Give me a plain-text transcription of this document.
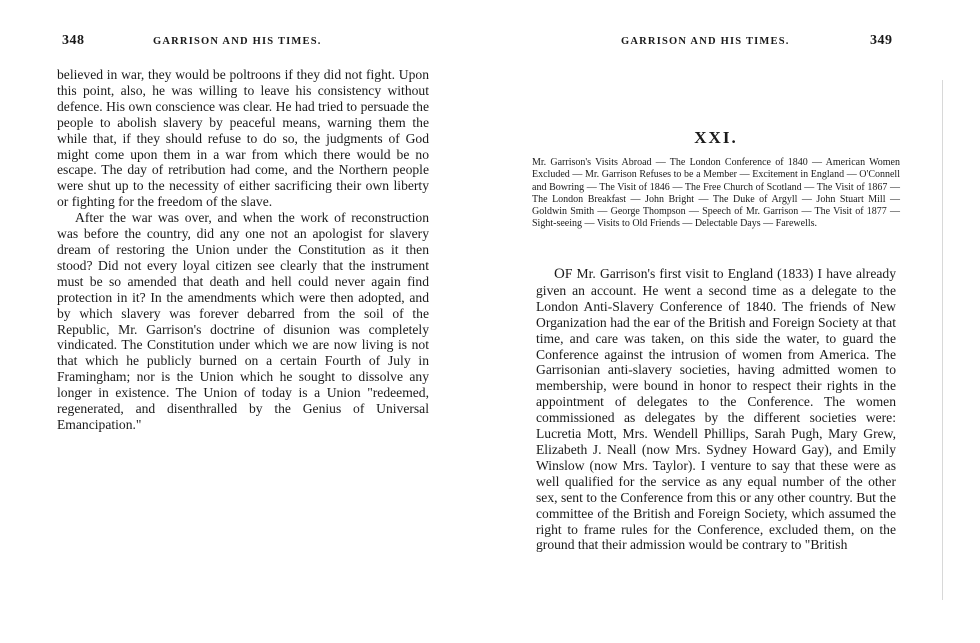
348	GARRISON AND HIS TIMES.

believed in war, they would be poltroons if they did not fight. Upon this point, also, he was willing to leave his consistency without defence. His own conscience was clear. He had tried to persuade the people to abolish slavery by peaceful means, warning them the while that, if they should refuse to do so, the judgments of God might come upon them in a war from which there would be no escape. The day of retribution had come, and the Northern people were shut up to the necessity of either sacrificing their own liberty or fighting for the freedom of the slave.

After the war was over, and when the work of reconstruction was before the country, did any one not an apologist for slavery dream of restoring the Union under the Constitution as it then stood? Did not every loyal citizen see clearly that the instrument must be so amended that death and hell could never again find protection in it? In the amendments which were then adopted, and by which slavery was forever debarred from the soil of the Republic, Mr. Garrison's doctrine of disunion was completely vindicated. The Constitution under which we are now living is not that which he publicly burned on a certain Fourth of July in Framingham; nor is the Union which he sought to dissolve any longer in existence. The Union of today is a Union "redeemed, regenerated, and disenthralled by the Genius of Universal Emancipation."

GARRISON AND HIS TIMES.	349
XXI.

Mr. Garrison's Visits Abroad — The London Conference of 1840 — American Women Excluded — Mr. Garrison Refuses to be a Member — Excitement in England — O'Connell and Bowring — The Visit of 1846 — The Free Church of Scotland — The Visit of 1867 — The London Breakfast — John Bright — The Duke of Argyll — John Stuart Mill — Goldwin Smith — George Thompson — Speech of Mr. Garrison — The Visit of 1877 — Sight-seeing — Visits to Old Friends — Delectable Days — Farewells.

OF Mr. Garrison's first visit to England (1833) I have already given an account. He went a second time as a delegate to the London Anti-Slavery Conference of 1840. The friends of New Organization had the ear of the British and Foreign Society at that time, and care was taken, on this side the water, to guard the Conference against the intrusion of women from America. The Garrisonian anti-slavery societies, having admitted women to membership, were bound in honor to respect their rights in the appointment of delegates to the Conference. The women commissioned as delegates by the different societies were: Lucretia Mott, Mrs. Wendell Phillips, Sarah Pugh, Mary Grew, Elizabeth J. Neall (now Mrs. Sydney Howard Gay), and Emily Winslow (now Mrs. Taylor). I venture to say that these were as well qualified for the service as any equal number of the other sex, sent to the Conference from this or any other country. But the committee of the British and Foreign Society, which assumed the right to frame rules for the Conference, excluded them, on the ground that their admission would be contrary to "British
